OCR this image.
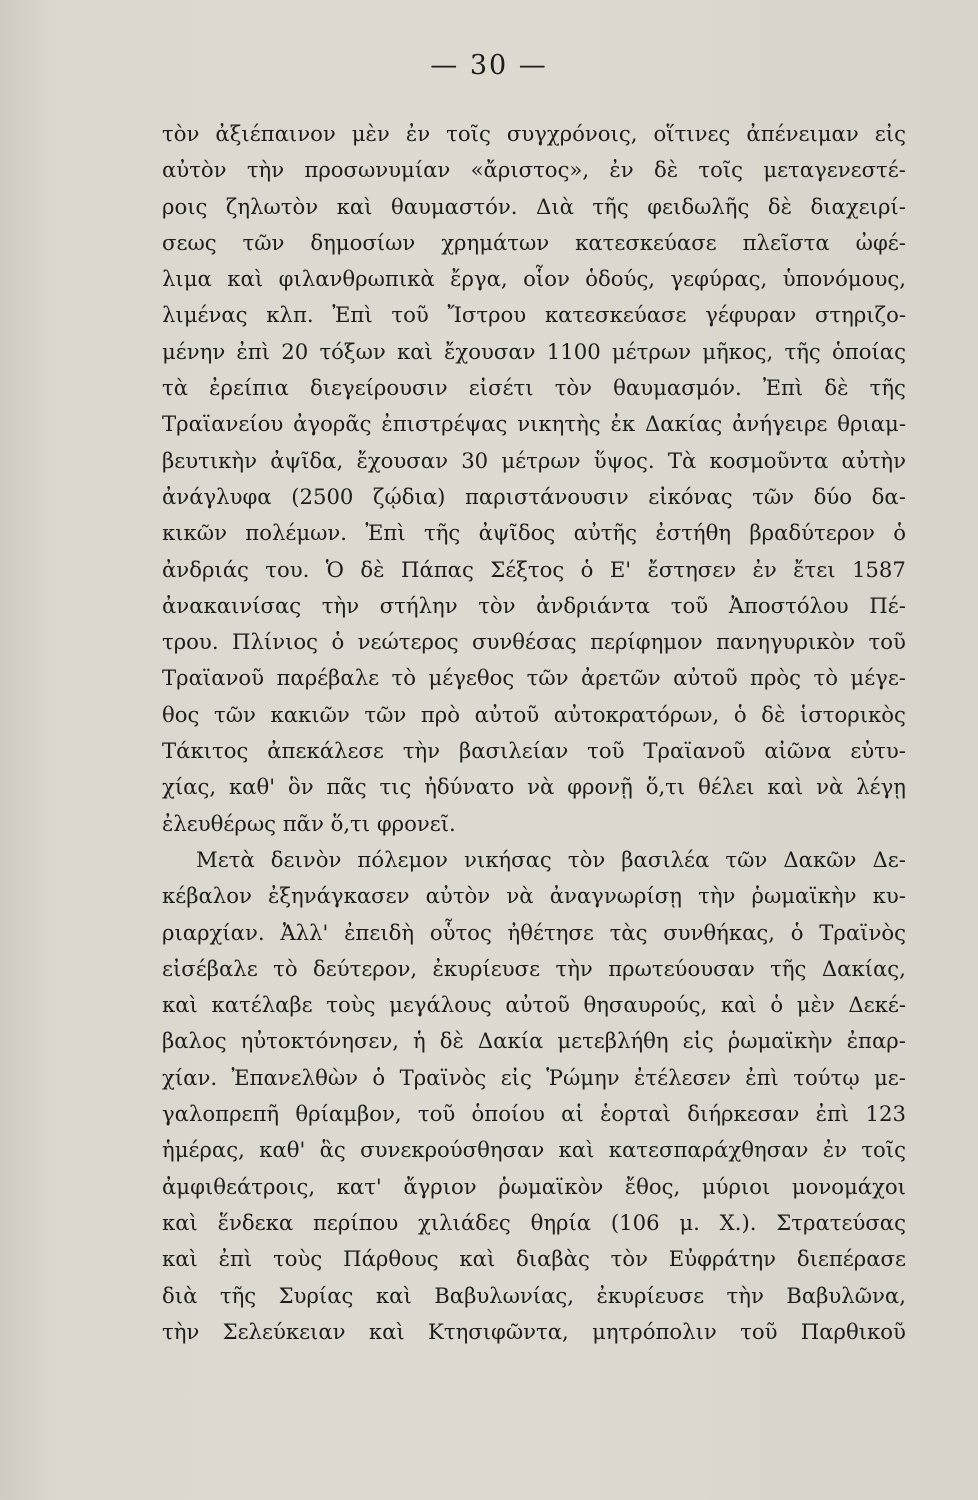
— 30 —
τὸν ἀξιέπαινον μὲν ἐν τοῖς συγχρόνοις, οἵτινες ἀπένειμαν εἰς
αὐτὸν τὴν προσωνυμίαν «ἄριστος», ἐν δὲ τοῖς μεταγενεστέ-
ροις ζηλωτὸν καὶ θαυμαστόν. Διὰ τῆς φειδωλῆς δὲ διαχειρί-
σεως τῶν δημοσίων χρημάτων κατεσκεύασε πλεῖστα ὠφέ-
λιμα καὶ φιλανθρωπικὰ ἔργα, οἷον ὁδούς, γεφύρας, ὑπονόμους,
λιμένας κλπ. Ἐπὶ τοῦ Ἴστρου κατεσκεύασε γέφυραν στηριζο-
μένην ἐπὶ 20 τόξων καὶ ἔχουσαν 1100 μέτρων μῆκος, τῆς ὁποίας
τὰ ἐρείπια διεγείρουσιν εἰσέτι τὸν θαυμασμόν. Ἐπὶ δὲ τῆς
Τραϊανείου ἀγορᾶς ἐπιστρέψας νικητὴς ἐκ Δακίας ἀνήγειρε θριαμ-
βευτικὴν ἀψῖδα, ἔχουσαν 30 μέτρων ὕψος. Τὰ κοσμοῦντα αὐτὴν
ἀνάγλυφα (2500 ζῴδια) παριστάνουσιν εἰκόνας τῶν δύο δα-
κικῶν πολέμων. Ἐπὶ τῆς ἀψῖδος αὐτῆς ἐστήθη βραδύτερον ὁ
ἀνδριάς του. Ὁ δὲ Πάπας Σέξτος ὁ Ε' ἔστησεν ἐν ἔτει 1587
ἀνακαινίσας τὴν στήλην τὸν ἀνδριάντα τοῦ Ἀποστόλου Πέ-
τρου. Πλίνιος ὁ νεώτερος συνθέσας περίφημον πανηγυρικὸν τοῦ
Τραϊανοῦ παρέβαλε τὸ μέγεθος τῶν ἀρετῶν αὐτοῦ πρὸς τὸ μέγε-
θος τῶν κακιῶν τῶν πρὸ αὐτοῦ αὐτοκρατόρων, ὁ δὲ ἱστορικὸς
Τάκιτος ἀπεκάλεσε τὴν βασιλείαν τοῦ Τραϊανοῦ αἰῶνα εὐτυ-
χίας, καθ' ὃν πᾶς τις ἠδύνατο νὰ φρονῇ ὅ,τι θέλει καὶ νὰ λέγῃ
ἐλευθέρως πᾶν ὅ,τι φρονεῖ.
Μετὰ δεινὸν πόλεμον νικήσας τὸν βασιλέα τῶν Δακῶν Δε-
κέβαλον ἐξηνάγκασεν αὐτὸν νὰ ἀναγνωρίσῃ τὴν ῥωμαϊκὴν κυ-
ριαρχίαν. Ἀλλ' ἐπειδὴ οὗτος ἠθέτησε τὰς συνθήκας, ὁ Τραϊνὸς
εἰσέβαλε τὸ δεύτερον, ἐκυρίευσε τὴν πρωτεύουσαν τῆς Δακίας,
καὶ κατέλαβε τοὺς μεγάλους αὐτοῦ θησαυρούς, καὶ ὁ μὲν Δεκέ-
βαλος ηὐτοκτόνησεν, ἡ δὲ Δακία μετεβλήθη εἰς ῥωμαϊκὴν ἐπαρ-
χίαν. Ἐπανελθὼν ὁ Τραϊνὸς εἰς Ῥώμην ἐτέλεσεν ἐπὶ τούτῳ με-
γαλοπρεπῆ θρίαμβον, τοῦ ὁποίου αἱ ἑορταὶ διήρκεσαν ἐπὶ 123
ἡμέρας, καθ' ἃς συνεκρούσθησαν καὶ κατεσπαράχθησαν ἐν τοῖς
ἀμφιθεάτροις, κατ' ἄγριον ῥωμαϊκὸν ἔθος, μύριοι μονομάχοι
καὶ ἕνδεκα περίπου χιλιάδες θηρία (106 μ. Χ.). Στρατεύσας
καὶ ἐπὶ τοὺς Πάρθους καὶ διαβὰς τὸν Εὐφράτην διεπέρασε
διὰ τῆς Συρίας καὶ Βαβυλωνίας, ἐκυρίευσε τὴν Βαβυλῶνα,
τὴν Σελεύκειαν καὶ Κτησιφῶντα, μητρόπολιν τοῦ Παρθικοῦ
